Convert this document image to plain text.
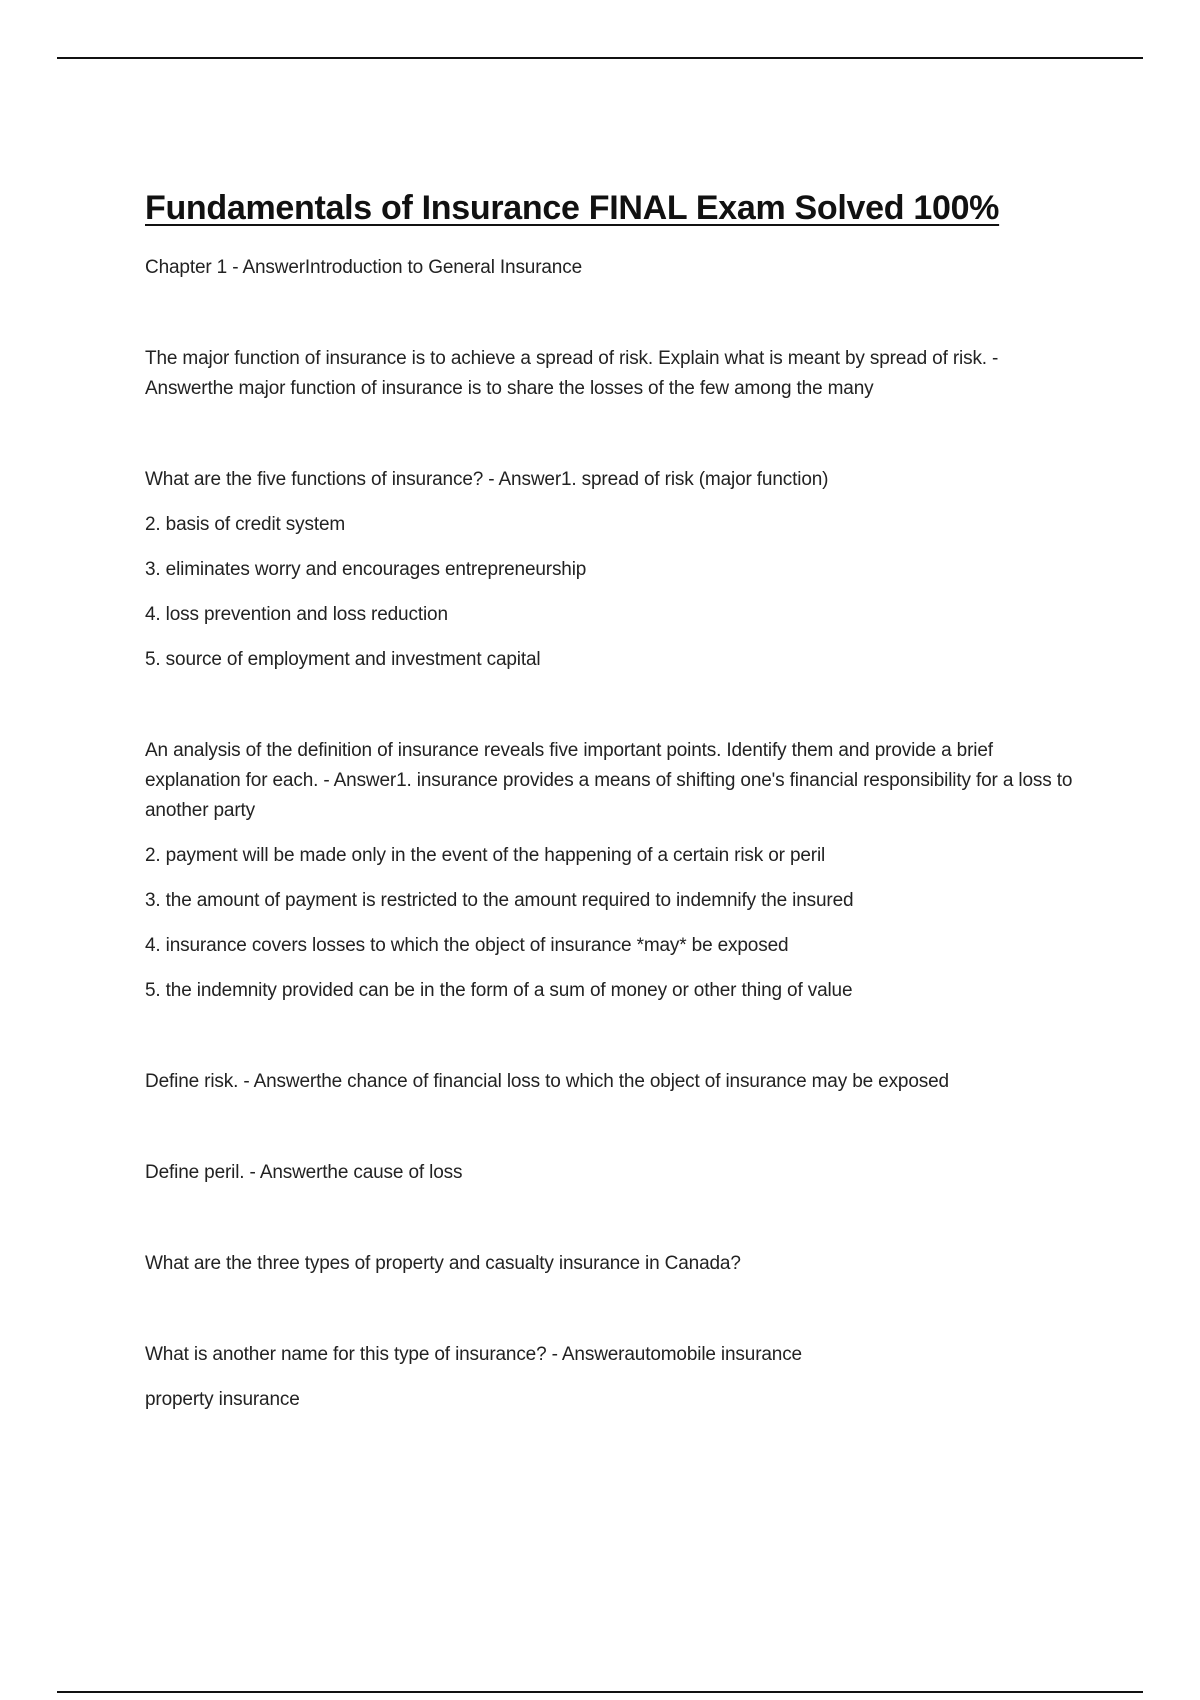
Fundamentals of Insurance FINAL Exam Solved 100%

Chapter 1 - AnswerIntroduction to General Insurance

The major function of insurance is to achieve a spread of risk. Explain what is meant by spread of risk. - Answerthe major function of insurance is to share the losses of the few among the many

What are the five functions of insurance? - Answer1. spread of risk (major function)

2. basis of credit system

3. eliminates worry and encourages entrepreneurship

4. loss prevention and loss reduction

5. source of employment and investment capital

An analysis of the definition of insurance reveals five important points. Identify them and provide a brief explanation for each. - Answer1. insurance provides a means of shifting one's financial responsibility for a loss to another party

2. payment will be made only in the event of the happening of a certain risk or peril

3. the amount of payment is restricted to the amount required to indemnify the insured

4. insurance covers losses to which the object of insurance *may* be exposed

5. the indemnity provided can be in the form of a sum of money or other thing of value

Define risk. - Answerthe chance of financial loss to which the object of insurance may be exposed

Define peril. - Answerthe cause of loss

What are the three types of property and casualty insurance in Canada?

What is another name for this type of insurance? - Answerautomobile insurance

property insurance
